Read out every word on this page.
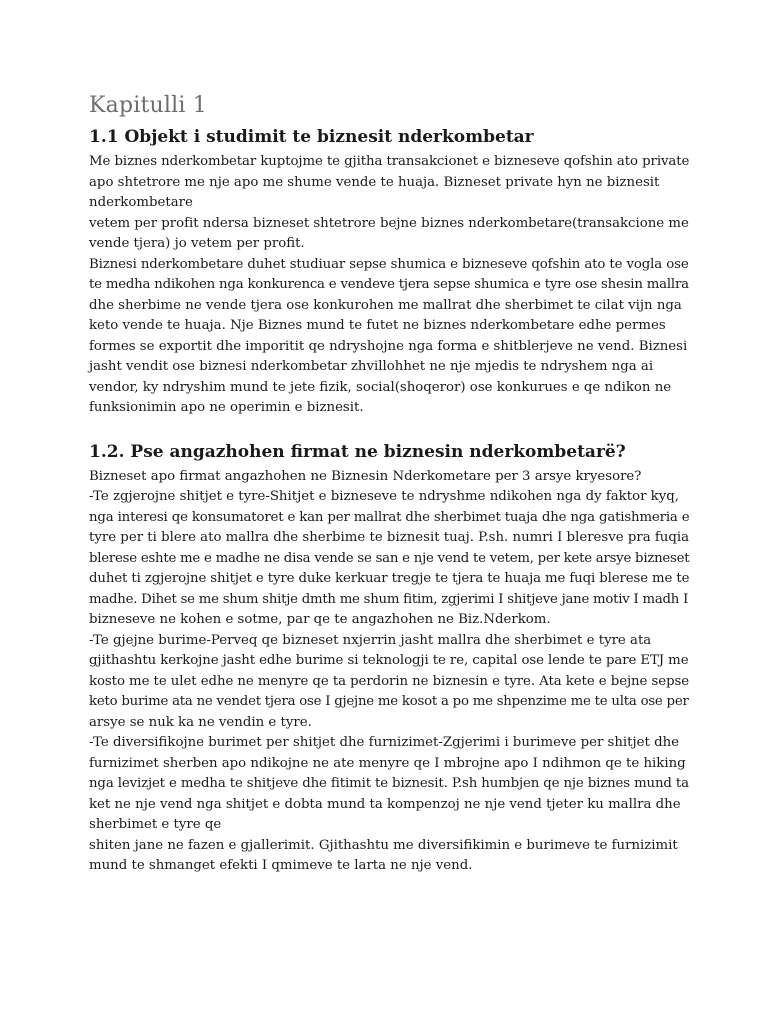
Kapitulli 1
1.1 Objekt i studimit te biznesit nderkombetar

Me biznes nderkombetar kuptojme te gjitha transakcionet e bizneseve qofshin ato private
apo shtetrore me nje apo me shume vende te huaja. Bizneset private hyn ne biznesit
nderkombetare
vetem per profit ndersa bizneset shtetrore bejne biznes nderkombetare(transakcione me
vende tjera) jo vetem per profit.
Biznesi nderkombetare duhet studiuar sepse shumica e bizneseve qofshin ato te vogla ose
te medha ndikohen nga konkurenca e vendeve tjera sepse shumica e tyre ose shesin mallra
dhe sherbime ne vende tjera ose konkurohen me mallrat dhe sherbimet te cilat vijn nga
keto vende te huaja. Nje Biznes mund te futet ne biznes nderkombetare edhe permes
formes se exportit dhe imporitit qe ndryshojne nga forma e shitblerjeve ne vend. Biznesi
jasht vendit ose biznesi nderkombetar zhvillohhet ne nje mjedis te ndryshem nga ai
vendor, ky ndryshim mund te jete fizik, social(shoqeror) ose konkurues e qe ndikon ne
funksionimin apo ne operimin e biznesit.

1.2. Pse angazhohen firmat ne biznesin nderkombetarë?

Bizneset apo firmat angazhohen ne Biznesin Nderkometare per 3 arsye kryesore?
-Te zgjerojne shitjet e tyre-Shitjet e bizneseve te ndryshme ndikohen nga dy faktor kyq,
nga interesi qe konsumatoret e kan per mallrat dhe sherbimet tuaja dhe nga gatishmeria e
tyre per ti blere ato mallra dhe sherbime te biznesit tuaj. P.sh. numri I bleresve pra fuqia
bleresе eshte me e madhe ne disa vende se san e nje vend te vetem, per kete arsye bizneset
duhet ti zgjerojne shitjet e tyre duke kerkuar tregje te tjera te huaja me fuqi bleresе me te
madhe. Dihet se me shum shitje dmth me shum fitim, zgjerimi I shitjeve jane motiv I madh I
bizneseve ne kohen e sotme, par qe te angazhohen ne Biz.Nderkom.
-Te gjejne burime-Perveq qe bizneset nxjerrin jasht mallra dhe sherbimet e tyre ata
gjithashtu kerkojne jasht edhe burime si teknologji te re, capital ose lende te pare ETJ me
kosto me te ulet edhe ne menyre qe ta perdorin ne biznesin e tyre. Ata kete e bejne sepse
keto burime ata ne vendet tjera ose I gjejne me kosot a po me shpenzime me te ulta ose per
arsye se nuk ka ne vendin e tyre.
-Te diversifikojne burimet per shitjet dhe furnizimet-Zgjerimi i burimeve per shitjet dhe
furnizimet sherben apo ndikojne ne ate menyre qe I mbrojne apo I ndihmon qe te hiking
nga levizjet e medha te shitjeve dhe fitimit te biznesit. P.sh humbjen qe nje biznes mund ta
ket ne nje vend nga shitjet e dobta mund ta kompenzoj ne nje vend tjeter ku mallra dhe
sherbimet e tyre qe
shiten jane ne fazen e gjallerimit. Gjithashtu me diversifikimin e burimeve te furnizimit
mund te shmanget efekti I qmimeve te larta ne nje vend.
